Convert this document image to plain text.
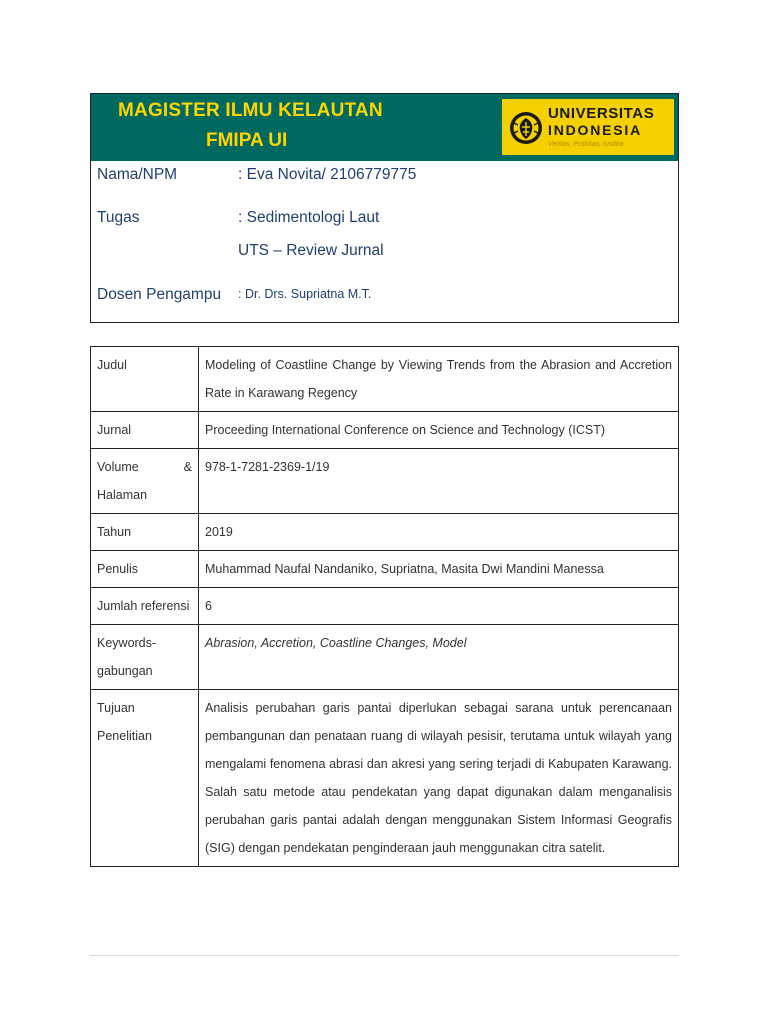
MAGISTER ILMU KELAUTAN
FMIPA UI
UNIVERSITAS
INDONESIA
Veritas, Probitas, Iustitia
Nama/NPM	: Eva Novita/ 2106779775
Tugas	: Sedimentologi Laut
UTS – Review Jurnal
Dosen Pengampu : Dr. Drs. Supriatna M.T.
Judul	Modeling of Coastline Change by Viewing Trends from the Abrasion and Accretion Rate in Karawang Regency
Jurnal	Proceeding International Conference on Science and Technology (ICST)
Volume & Halaman	978-1-7281-2369-1/19
Tahun	2019
Penulis	Muhammad Naufal Nandaniko, Supriatna, Masita Dwi Mandini Manessa
Jumlah referensi	6
Keywords-gabungan	Abrasion, Accretion, Coastline Changes, Model
Tujuan Penelitian	Analisis perubahan garis pantai diperlukan sebagai sarana untuk perencanaan pembangunan dan penataan ruang di wilayah pesisir, terutama untuk wilayah yang mengalami fenomena abrasi dan akresi yang sering terjadi di Kabupaten Karawang. Salah satu metode atau pendekatan yang dapat digunakan dalam menganalisis perubahan garis pantai adalah dengan menggunakan Sistem Informasi Geografis (SIG) dengan pendekatan penginderaan jauh menggunakan citra satelit.
